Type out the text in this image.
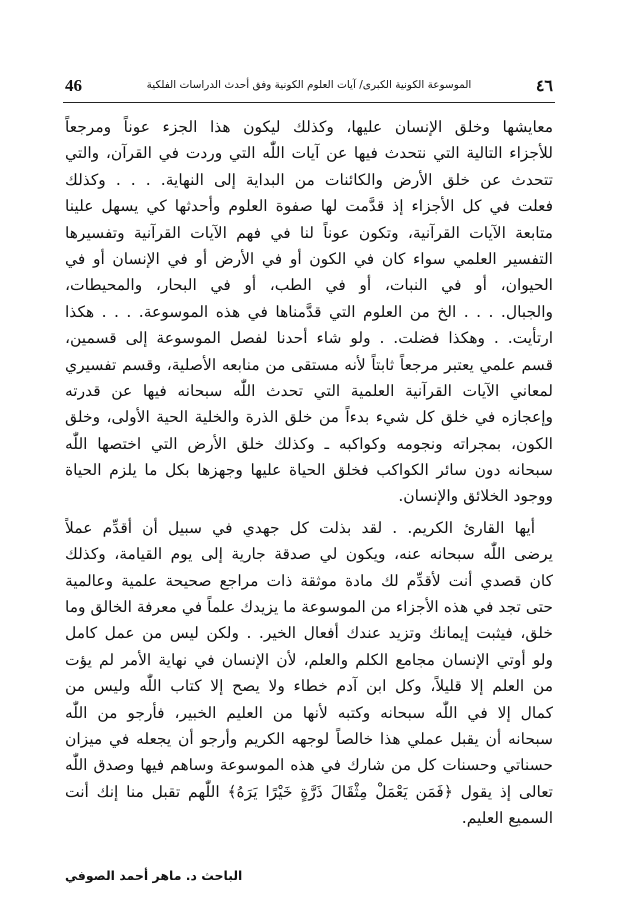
46	الموسوعة الكونية الكبرى/ آيات العلوم الكونية وفق أحدث الدراسات الفلكية	٤٦
معايشها وخلق الإنسان عليها، وكذلك ليكون هذا الجزء عوناً ومرجعاً
للأجزاء التالية التي نتحدث فيها عن آيات اللّٰه التي وردت في القرآن، والتي
تتحدث عن خلق الأرض والكائنات من البداية إلى النهاية. . . . وكذلك
فعلت في كل الأجزاء إذ قدَّمت لها صفوة العلوم وأحدثها كي يسهل علينا
متابعة الآيات القرآنية، وتكون عوناً لنا في فهم الآيات القرآنية وتفسيرها
التفسير العلمي سواء كان في الكون أو في الأرض أو في الإنسان أو في
الحيوان، أو في النبات، أو في الطب، أو في البحار، والمحيطات،
والجبال. . . . الخ من العلوم التي قدَّمناها في هذه الموسوعة. . . . هكذا
ارتأيت. . وهكذا فضلت. . ولو شاء أحدنا لفصل الموسوعة إلى قسمين،
قسم علمي يعتبر مرجعاً ثابتاً لأنه مستقى من منابعه الأصلية، وقسم تفسيري
لمعاني الآيات القرآنية العلمية التي تحدث اللّٰه سبحانه فيها عن قدرته
وإعجازه في خلق كل شيء بدءاً من خلق الذرة والخلية الحية الأولى، وخلق
الكون، بمجراته ونجومه وكواكبه ـ وكذلك خلق الأرض التي اختصها اللّٰه
سبحانه دون سائر الكواكب فخلق الحياة عليها وجهزها بكل ما يلزم الحياة
ووجود الخلائق والإنسان.
أيها القارئ الكريم. . لقد بذلت كل جهدي في سبيل أن أقدِّم عملاً
يرضى اللّٰه سبحانه عنه، ويكون لي صدقة جارية إلى يوم القيامة، وكذلك
كان قصدي أنت لأقدِّم لك مادة موثقة ذات مراجع صحيحة علمية وعالمية
حتى تجد في هذه الأجزاء من الموسوعة ما يزيدك علماً في معرفة الخالق وما
خلق، فيثبت إيمانك وتزيد عندك أفعال الخير. . ولكن ليس من عمل كامل
ولو أوتي الإنسان مجامع الكلم والعلم، لأن الإنسان في نهاية الأمر لم يؤت
من العلم إلا قليلاً، وكل ابن آدم خطاء ولا يصح إلا كتاب اللّٰه وليس من
كمال إلا في اللّٰه سبحانه وكتبه لأنها من العليم الخبير، فأرجو من اللّٰه
سبحانه أن يقبل عملي هذا خالصاً لوجهه الكريم وأرجو أن يجعله في ميزان
حسناتي وحسنات كل من شارك في هذه الموسوعة وساهم فيها وصدق اللّٰه
تعالى إذ يقول ﴿فَمَن يَعْمَلْ مِثْقَالَ ذَرَّةٍ خَيْرًا يَرَهُ﴾ اللّٰهم تقبل منا إنك أنت
السميع العليم.
الباحث د. ماهر أحمد الصوفي
